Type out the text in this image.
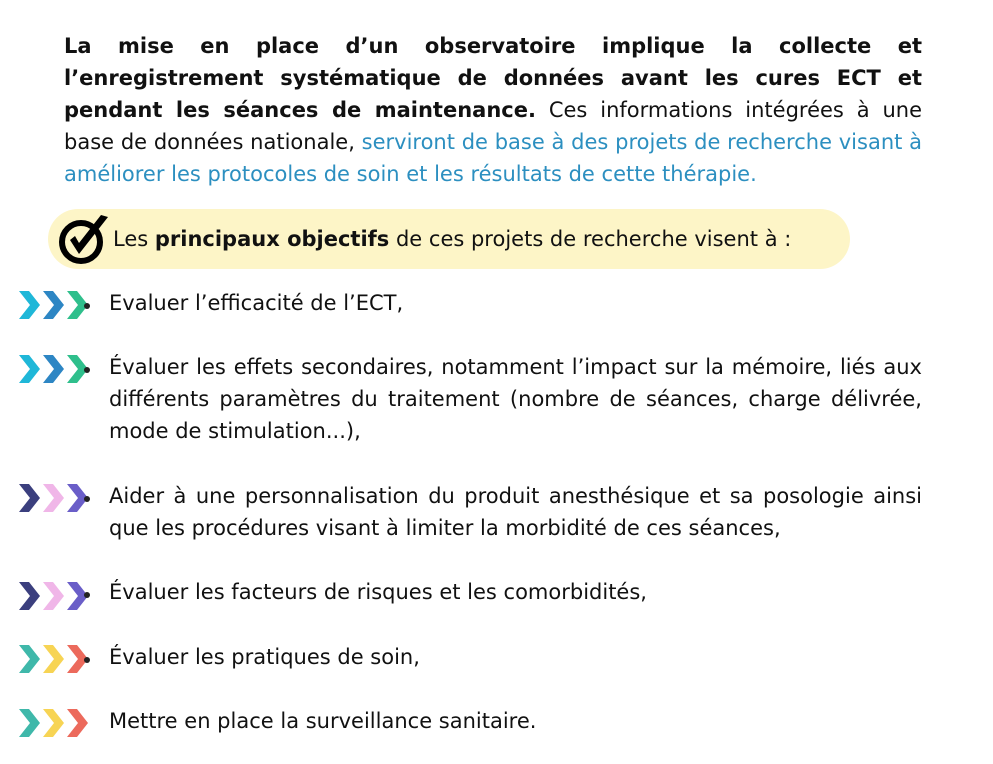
La mise en place d’un observatoire implique la collecte et l’enregistrement systématique de données avant les cures ECT et pendant les séances de maintenance. Ces informations intégrées à une base de données nationale, serviront de base à des projets de recherche visant à améliorer les protocoles de soin et les résultats de cette thérapie.

Les principaux objectifs de ces projets de recherche visent à :

Evaluer l’efficacité de l’ECT,

Évaluer les effets secondaires, notamment l’impact sur la mémoire, liés aux différents paramètres du traitement (nombre de séances, charge délivrée, mode de stimulation...),

Aider à une personnalisation du produit anesthésique et sa posologie ainsi que les procédures visant à limiter la morbidité de ces séances,

Évaluer les facteurs de risques et les comorbidités,

Évaluer les pratiques de soin,

Mettre en place la surveillance sanitaire.
